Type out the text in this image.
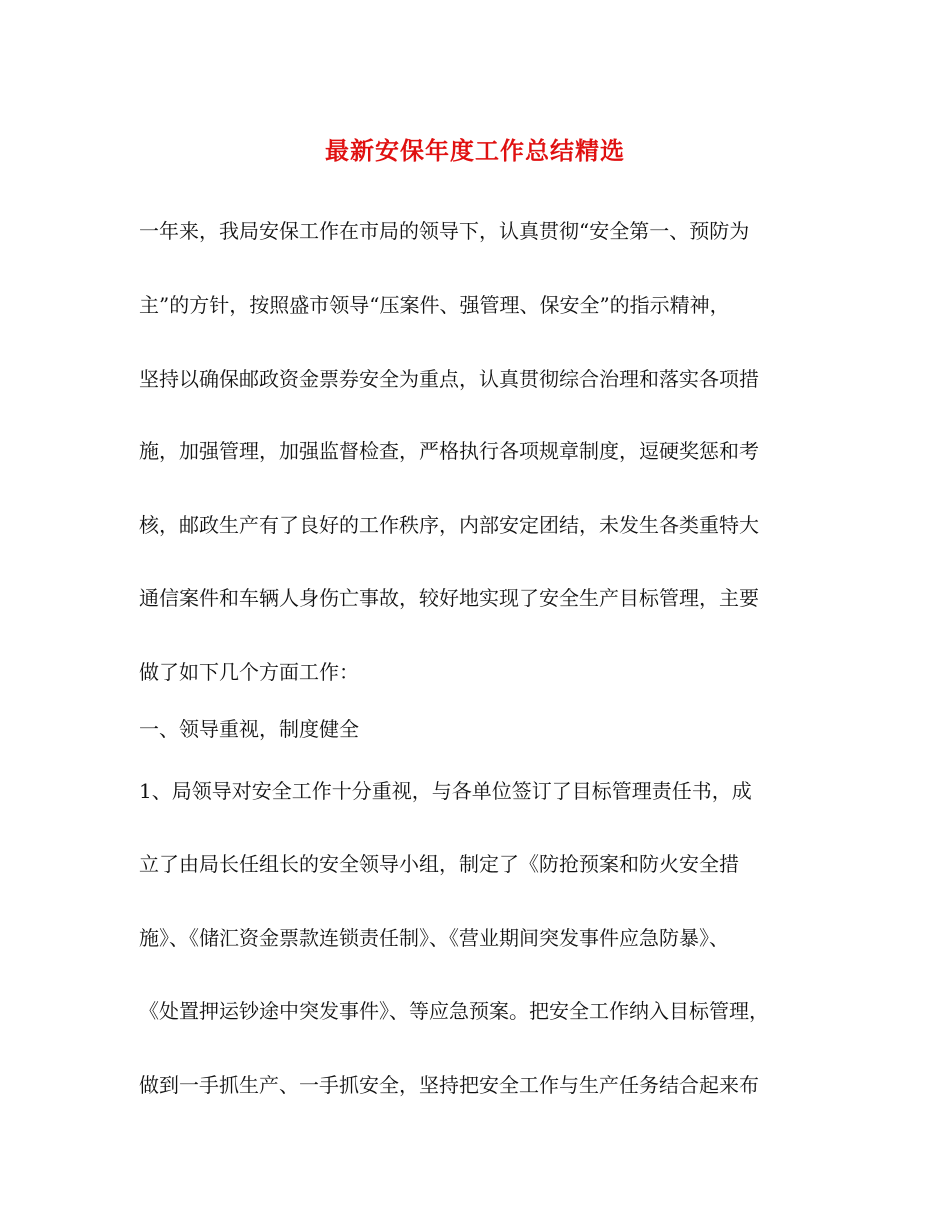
最新安保年度工作总结精选

一年来，我局安保工作在市局的领导下，认真贯彻“安全第一、预防为

主”的方针，按照盛市领导“压案件、强管理、保安全”的指示精神，

坚持以确保邮政资金票券安全为重点，认真贯彻综合治理和落实各项措

施，加强管理，加强监督检查，严格执行各项规章制度，逗硬奖惩和考

核，邮政生产有了良好的工作秩序，内部安定团结，未发生各类重特大

通信案件和车辆人身伤亡事故，较好地实现了安全生产目标管理，主要

做了如下几个方面工作：

一、领导重视，制度健全

1、局领导对安全工作十分重视，与各单位签订了目标管理责任书，成

立了由局长任组长的安全领导小组，制定了《防抢预案和防火安全措

施》、《储汇资金票款连锁责任制》、《营业期间突发事件应急防暴》、

《处置押运钞途中突发事件》、等应急预案。把安全工作纳入目标管理，

做到一手抓生产、一手抓安全，坚持把安全工作与生产任务结合起来布
